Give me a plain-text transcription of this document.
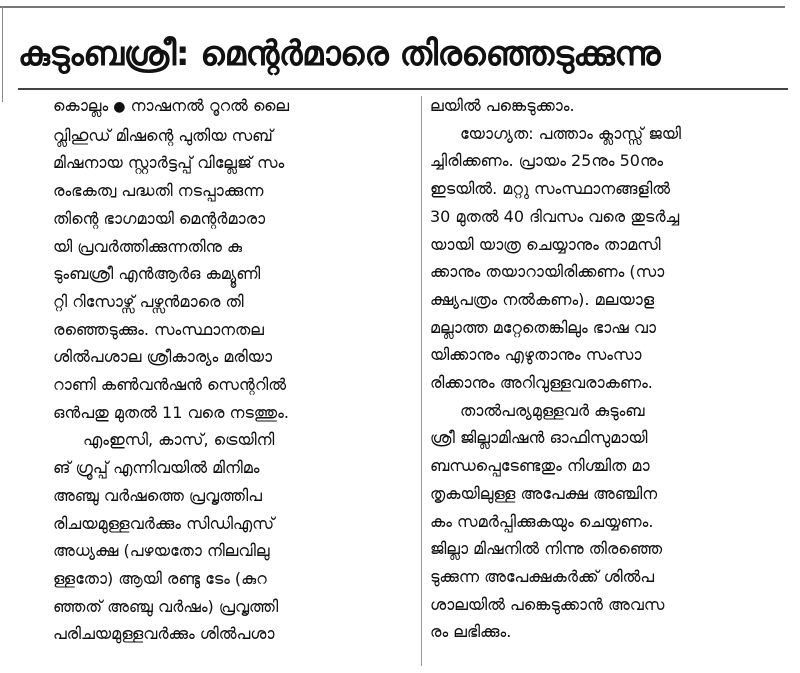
കുടുംബശ്രീ: മെന്റർമാരെ തിരഞ്ഞെടുക്കുന്നു
കൊല്ലം ● നാഷനൽ റൂറൽ ലൈ
വ്ലിഹുഡ് മിഷന്റെ പുതിയ സബ്
മിഷനായ സ്റ്റാർട്ടപ്പ് വില്ലേജ് സം
രംഭകത്വ പദ്ധതി നടപ്പാക്കുന്ന
തിന്റെ ഭാഗമായി മെന്റർമാരാ
യി പ്രവർത്തിക്കുന്നതിനു കു
ടുംബശ്രീ എൻആർഒ കമ്യൂണി
റ്റി റിസോഴ്സ് പഴ്സൻമാരെ തി
രഞ്ഞെടുക്കും. സംസ്ഥാനതല
ശിൽപശാല ശ്രീകാര്യം മരിയാ
റാണി കൺവൻഷൻ സെന്ററിൽ
ഒൻപതു മുതൽ 11 വരെ നടത്തും.
എംഇസി, കാസ്, ട്രെയിനി
ങ് ഗ്രൂപ്പ് എന്നിവയിൽ മിനിമം
അഞ്ചു വർഷത്തെ പ്രവൃത്തിപ
രിചയമുള്ളവർക്കും സിഡിഎസ്
അധ്യക്ഷ (പഴയതോ നിലവിലു
ള്ളതോ) ആയി രണ്ടു ടേം (കുറ
ഞ്ഞത് അഞ്ചു വർഷം) പ്രവൃത്തി
പരിചയമുള്ളവർക്കും ശിൽപശാ
ലയിൽ പങ്കെടുക്കാം.
യോഗ്യത: പത്താം ക്ലാസ്സ് ജയി
ച്ചിരിക്കണം. പ്രായം 25നും 50നും
ഇടയിൽ. മറ്റു സംസ്ഥാനങ്ങളിൽ
30 മുതൽ 40 ദിവസം വരെ തുടർച്ച
യായി യാത്ര ചെയ്യാനും താമസി
ക്കാനും തയാറായിരിക്കണം (സാ
ക്ഷ്യപത്രം നൽകണം). മലയാള
മല്ലാത്ത മറ്റേതെങ്കിലും ഭാഷ വാ
യിക്കാനും എഴുതാനും സംസാ
രിക്കാനും അറിവുള്ളവരാകണം.
താൽപര്യമുള്ളവർ കുടുംബ
ശ്രീ ജില്ലാമിഷൻ ഓഫിസുമായി
ബന്ധപ്പെടേണ്ടതും നിശ്ചിത മാ
തൃകയിലുള്ള അപേക്ഷ അഞ്ചിന
കം സമർപ്പിക്കുകയും ചെയ്യണം.
ജില്ലാ മിഷനിൽ നിന്നു തിരഞ്ഞെ
ടുക്കുന്ന അപേക്ഷകർക്ക് ശിൽപ
ശാലയിൽ പങ്കെടുക്കാൻ അവസ
രം ലഭിക്കും.
